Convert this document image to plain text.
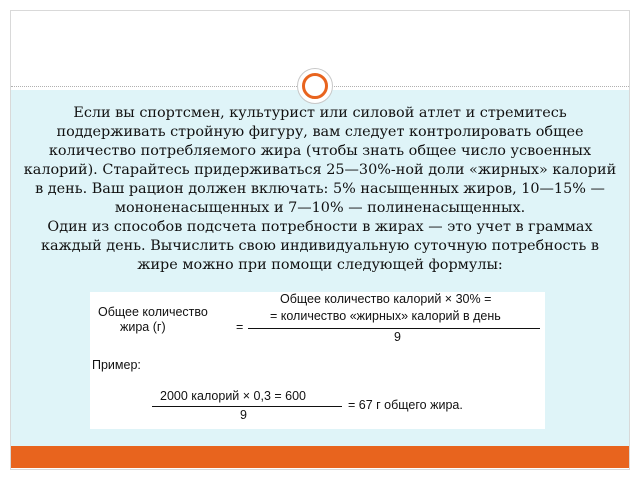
Если вы спортсмен, культурист или силовой атлет и стремитесь поддерживать стройную фигуру, вам следует контролировать общее количество потребляемого жира (чтобы знать общее число усвоенных калорий). Старайтесь придерживаться 25—30%-ной доли «жирных» калорий в день. Ваш рацион должен включать: 5% насыщенных жиров, 10—15% — мононенасыщенных и 7—10% — полиненасыщенных.

Один из способов подсчета потребности в жирах — это учет в граммах каждый день. Вычислить свою индивидуальную суточную потребность в жире можно при помощи следующей формулы:

Общее количество
жира (г)	=
Общее количество калорий × 30% =
= количество «жирных» калорий в день
9
Пример:
2000 калорий × 0,3 = 600
9
= 67 г общего жира.
